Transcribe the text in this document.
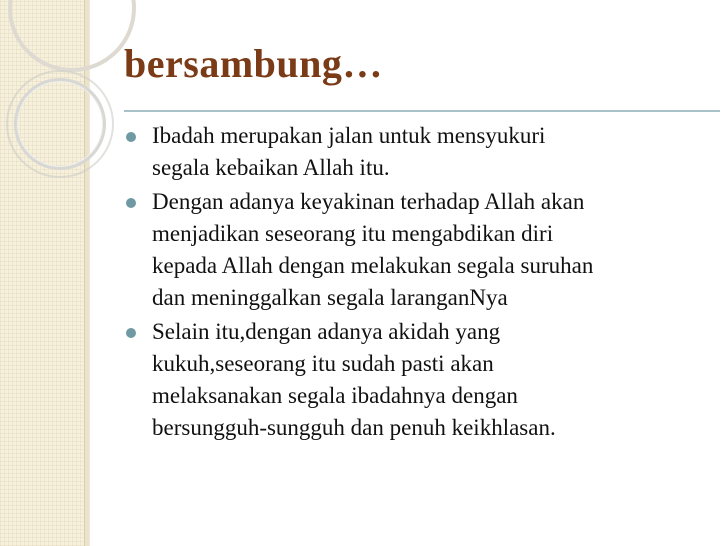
bersambung…
Ibadah merupakan jalan untuk mensyukuri
segala kebaikan Allah itu.
Dengan adanya keyakinan terhadap Allah akan
menjadikan seseorang itu mengabdikan diri
kepada Allah dengan melakukan segala suruhan
dan meninggalkan segala laranganNya
Selain itu,dengan adanya akidah yang
kukuh,seseorang itu sudah pasti akan
melaksanakan segala ibadahnya dengan
bersungguh-sungguh dan penuh keikhlasan.
